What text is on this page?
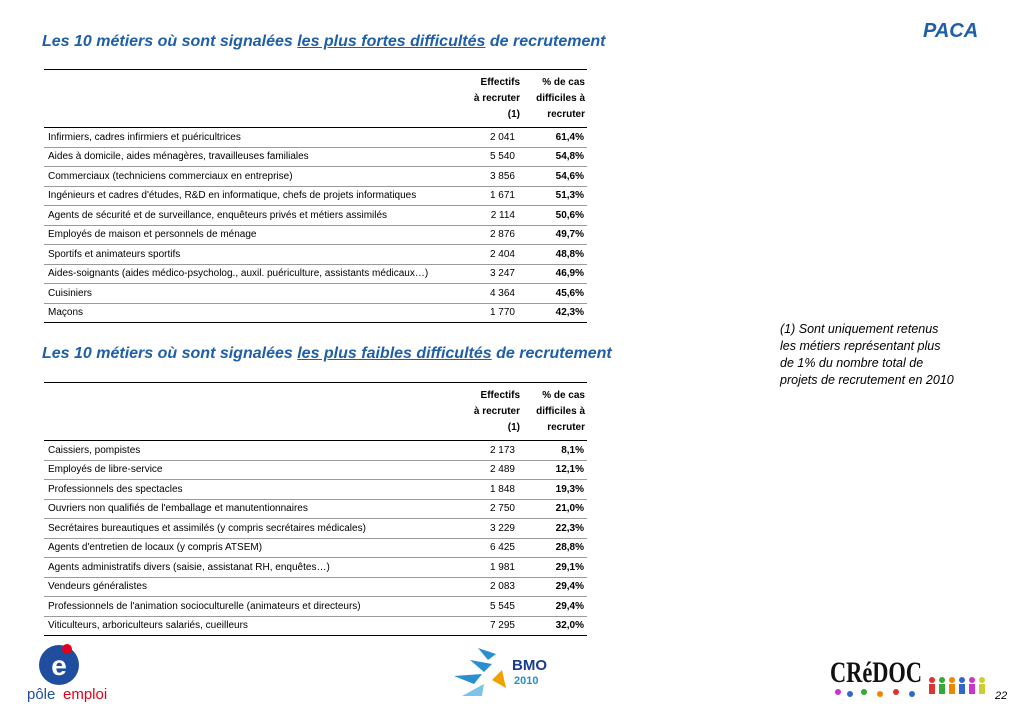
PACA
Les 10 métiers où sont signalées les plus fortes difficultés de recrutement
	Effectifs
à recruter (1)	% de cas
difficiles à
recruter
Infirmiers, cadres infirmiers et puéricultrices	2 041	61,4%
Aides à domicile, aides ménagères, travailleuses familiales	5 540	54,8%
Commerciaux (techniciens commerciaux en entreprise)	3 856	54,6%
Ingénieurs et cadres d'études, R&D en informatique, chefs de projets informatiques	1 671	51,3%
Agents de sécurité et de surveillance, enquêteurs privés et métiers assimilés	2 114	50,6%
Employés de maison et personnels de ménage	2 876	49,7%
Sportifs et animateurs sportifs	2 404	48,8%
Aides-soignants (aides médico-psycholog., auxil. puériculture, assistants médicaux…)	3 247	46,9%
Cuisiniers	4 364	45,6%
Maçons	1 770	42,3%
Les 10 métiers où sont signalées les plus faibles difficultés de recrutement
	Effectifs
à recruter (1)	% de cas
difficiles à
recruter
Caissiers, pompistes	2 173	8,1%
Employés de libre-service	2 489	12,1%
Professionnels des spectacles	1 848	19,3%
Ouvriers non qualifiés de l'emballage et manutentionnaires	2 750	21,0%
Secrétaires bureautiques et assimilés (y compris secrétaires médicales)	3 229	22,3%
Agents d'entretien de locaux (y compris ATSEM)	6 425	28,8%
Agents administratifs divers (saisie, assistanat RH, enquêtes…)	1 981	29,1%
Vendeurs généralistes	2 083	29,4%
Professionnels de l'animation socioculturelle (animateurs et directeurs)	5 545	29,4%
Viticulteurs, arboriculteurs salariés, cueilleurs	7 295	32,0%
(1) Sont uniquement retenus
les métiers représentant plus
de 1% du nombre total de
projets de recrutement en 2010
e
pôle emploi
BMO
2010	CRéDOC
22
